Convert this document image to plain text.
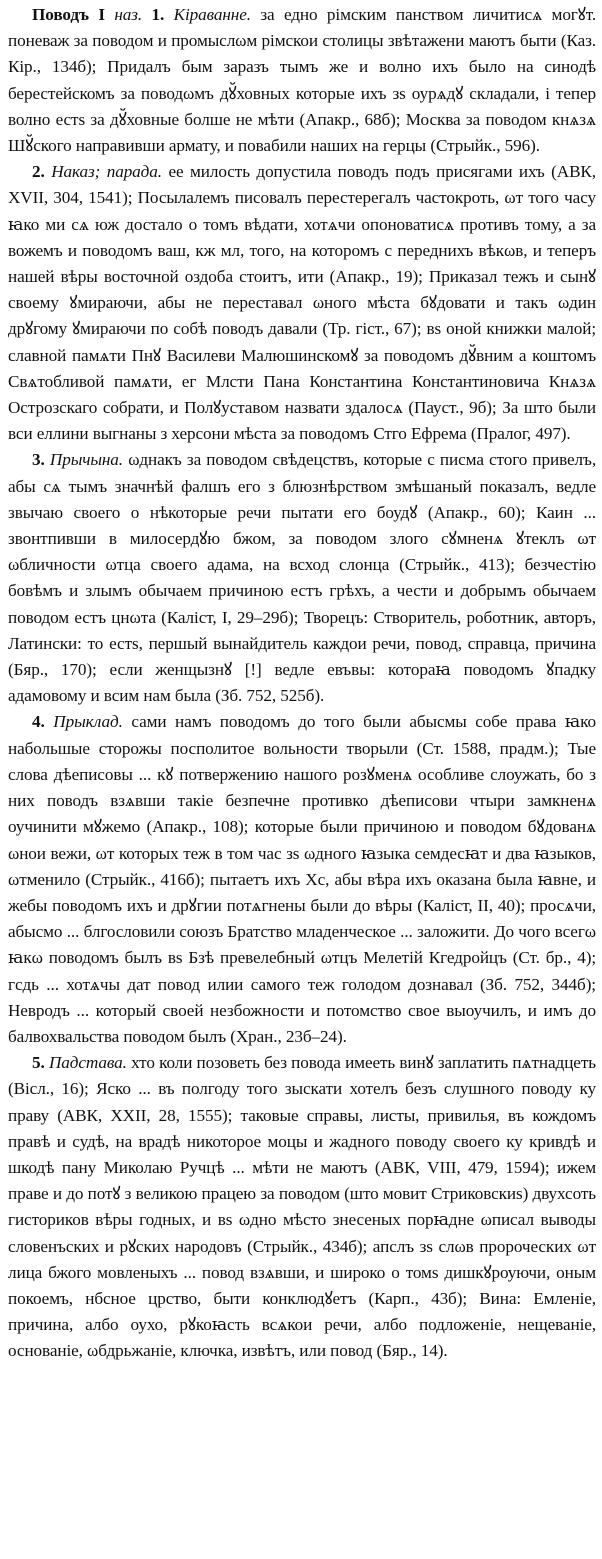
Поводъ І наз. 1. Кіраванне. за едно рімским панством личитисѧ могꙋт. поневаж за поводом и промыслωм рімскои столицы звѣтажени маютъ быти (Каз. Кір., 134б); Придалъ бым заразъ тымъ же и волно ихъ было на синодѣ берестейскомъ за поводωмъ дꙋ̆ховных которые ихъ зѕ оурѧдꙋ складали, і тепер волно естѕ за дꙋ̆ховные болше не мѣти (Апакр., 68б); Москва за поводом кнѧзѧ Шꙋ̆ского направивши армату, и повабили наших на герцы (Стрыйк., 596).

2. Наказ; парада. ее милость допустила поводъ подъ присягами ихъ (АВК, XVII, 304, 1541); Посылалемъ писовалъ перестерегалъ частокроть, ωт того часу ꙗко ми сѧ юж достало о томъ вѣдати, хотѧчи опоноватисѧ противъ тому, а за вожемъ и поводомъ ваш, кж мл, того, на которомъ с переднихъ вѣкωв, и теперъ нашей вѣры восточной оздоба стоитъ, ити (Апакр., 19); Приказал тежъ и сынꙋ своему ꙋмираючи, абы не переставал ωного мѣста бꙋдовати и такъ ωдин дрꙋгому ꙋмираючи по собѣ поводъ давали (Тр. гіст., 67); вѕ оной книжки малой; славной памѧти Пнꙋ Василеви Малюшинскомꙋ за поводомъ дꙋ̆вним а коштомъ Свѧтобливой памѧти, ег Млсти Пана Константина Константиновича Кнѧзѧ Острозскаго собрати, и Полꙋуставом назвати здалосѧ (Пауст., 9б); За што были вси еллини выгнаны з херсони мѣста за поводомъ Стго Ефрема (Пралог, 497).

3. Прычына. ωднакъ за поводом свѣдецствъ, которые с писма стого привелъ, абы сѧ тымъ значнѣй фалшъ его з блюзнѣрством змѣшаный показалъ, ведле звычаю своего о нѣкоторые речи пытати его боудꙋ (Апакр., 60); Каин ... звонтпивши в милосердꙋю бжом, за поводом злого сꙋмненѧ ꙋтеклъ ωт ωбличности ωтца своего адама, на всход слонца (Стрыйк., 413); безчестію бовѣмъ и злымъ обычаем причиною естъ грѣхъ, а чести и добрымъ обычаем поводом естъ цнωта (Каліст, I, 29–29б); Творецъ: Створитель, роботник, авторъ, Латински: то естѕ, першый вынайдитель каждои речи, повод, справца, причина (Бяр., 170); если женщызнꙋ [!] ведле евъвы: котораꙗ поводомъ ꙋпадку адамовому и всим нам была (Зб. 752, 525б).

4. Прыклад. сами намъ поводомъ до того были абысмы собе права ꙗко набольшые сторожы посполитое вольности творыли (Ст. 1588, прадм.); Тые слова дѣеписовы ... кꙋ потвержению нашого розꙋменѧ особливе слоужать, бо з них поводъ взѧвши такіе безпечне противко дѣеписови чтыри замкненѧ оучинити мꙋжемо (Апакр., 108); которые были причиною и поводом бꙋдованѧ ωнои вежи, ωт которых теж в том час зѕ ωдного ꙗзыка семдесꙗт и два ꙗзыков, ωтменило (Стрыйк., 416б); пытаетъ ихъ Хс, абы вѣра ихъ оказана была ꙗвне, и жебы поводомъ ихъ и дрꙋгии потѧгнены были до вѣры (Каліст, II, 40); просѧчи, абысмо ... блгословили союзъ Братство младенческое ... заложити. До чого всегω ꙗкω поводомъ былъ вѕ Бзѣ превелебный ωтцъ Мелетій Кгедройцъ (Ст. бр., 4); гсдь ... хотѧчы дат повод илии самого теж голодом дознавал (Зб. 752, 344б); Невродъ ... который своей незбожности и потомство свое выоучилъ, и имъ до балвохвальства поводом былъ (Хран., 23б–24).

5. Падстава. хто коли позоветь без повода имееть винꙋ заплатить пѧтнадцеть (Вісл., 16); Яско ... въ полгоду того зыскати хотелъ безъ слушного поводу ку праву (АВК, XXII, 28, 1555); таковые справы, листы, привилья, въ кождомъ правѣ и судѣ, на врадѣ никоторое моцы и жадного поводу своего ку кривдѣ и шкодѣ пану Миколаю Ручцѣ ... мѣти не маютъ (АВК, VIII, 479, 1594); ижем праве и до потꙋ з великою працею за поводом (што мовит Стриковскиѕ) двухсоть гисториков вѣры годных, и вѕ ωдно мѣсто знесеных порꙗдне ωписал выводы словенъских и рꙋских народовъ (Стрыйк., 434б); апслъ зѕ слωв пророческих ωт лица бжого мовленыхъ ... повод взѧвши, и широко о томѕ дишкꙋроуючи, оным покоемъ, нбсное црство, быти конклюдꙋетъ (Карп., 43б); Вина: Емленіе, причина, албо оухо, рꙋкоꙗсть всѧкои речи, албо подложеніе, нещеваніе, основаніе, ωбдрьжаніе, ключка, извѣтъ, или повод (Бяр., 14).
